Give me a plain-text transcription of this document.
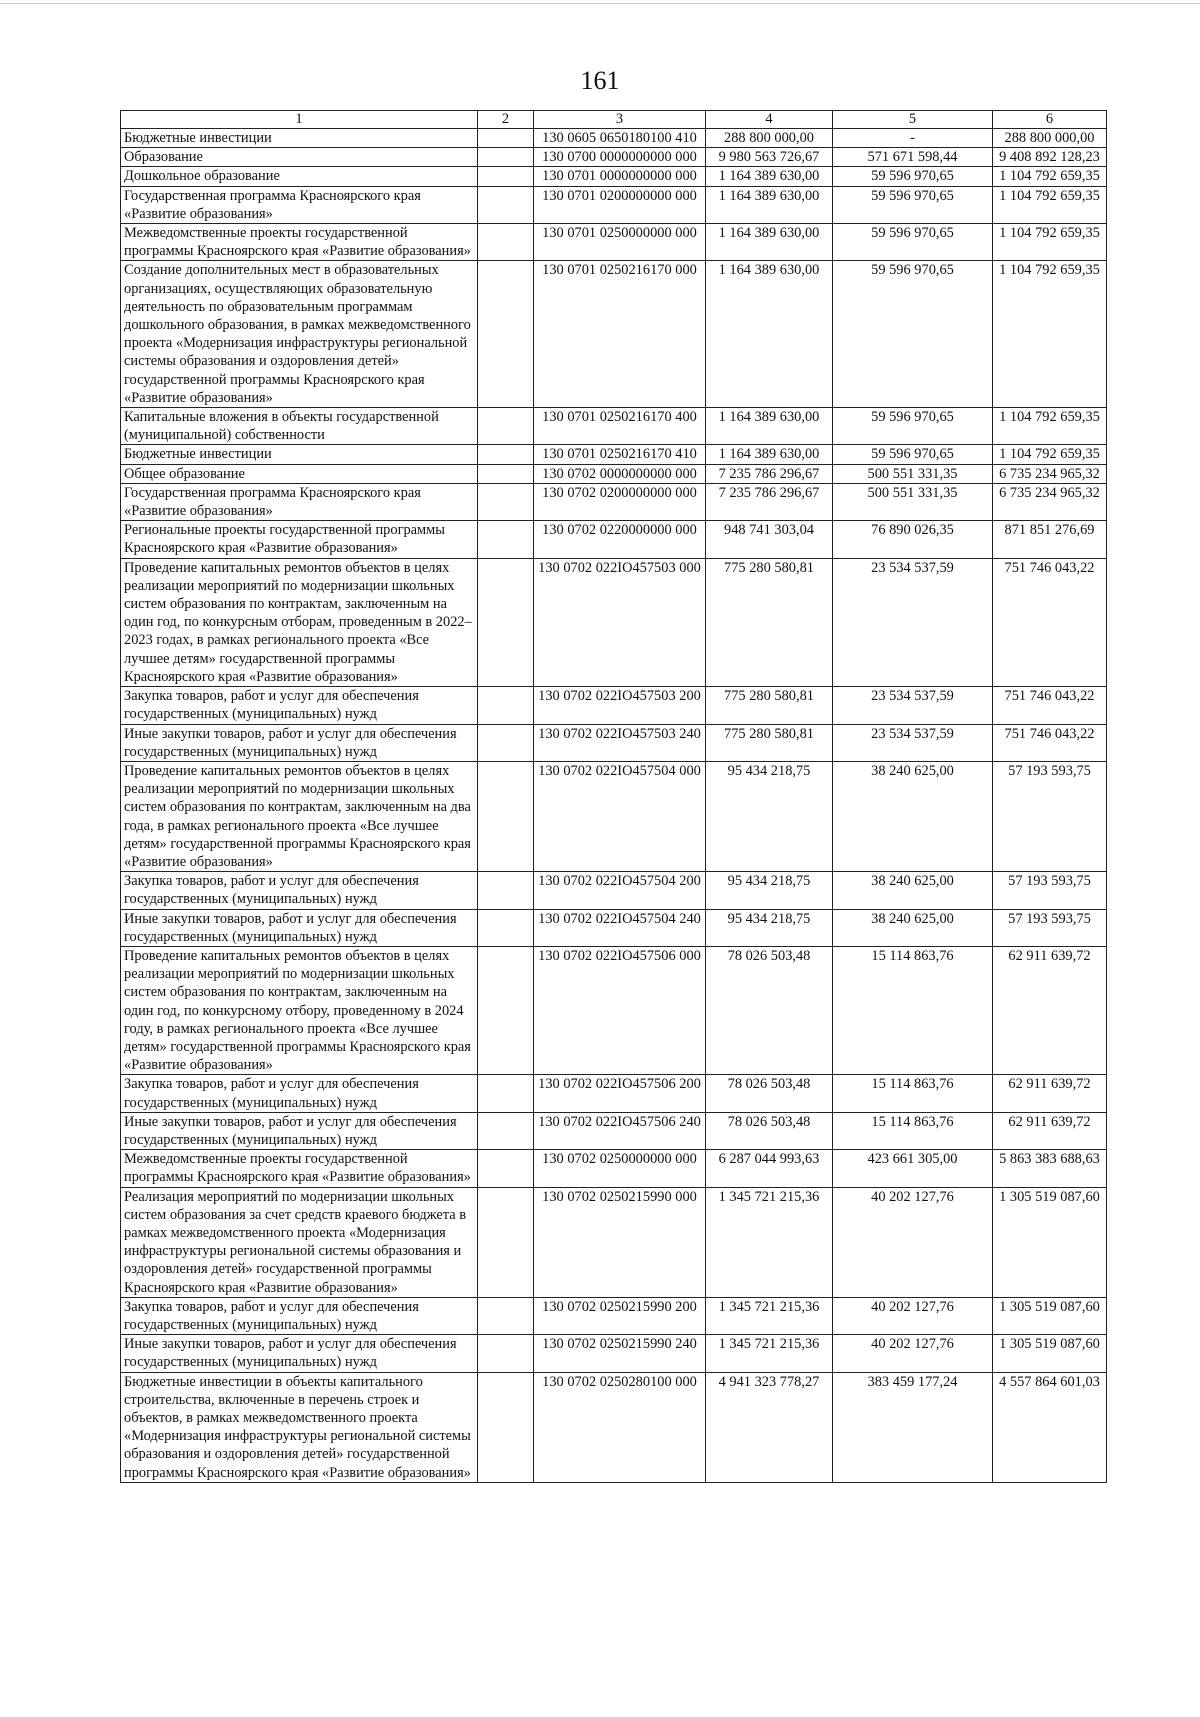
161
1	2	3	4	5	6
Бюджетные инвестиции		130 0605 0650180100 410	288 800 000,00	-	288 800 000,00
Образование		130 0700 0000000000 000	9 980 563 726,67	571 671 598,44	9 408 892 128,23
Дошкольное образование		130 0701 0000000000 000	1 164 389 630,00	59 596 970,65	1 104 792 659,35
Государственная программа Красноярского края «Развитие образования»		130 0701 0200000000 000	1 164 389 630,00	59 596 970,65	1 104 792 659,35
Межведомственные проекты государственной программы Красноярского края «Развитие образования»		130 0701 0250000000 000	1 164 389 630,00	59 596 970,65	1 104 792 659,35
Создание дополнительных мест в образовательных организациях, осуществляющих образовательную деятельность по образовательным программам дошкольного образования, в рамках межведомственного проекта «Модернизация инфраструктуры региональной системы образования и оздоровления детей» государственной программы Красноярского края «Развитие образования»		130 0701 0250216170 000	1 164 389 630,00	59 596 970,65	1 104 792 659,35
Капитальные вложения в объекты государственной (муниципальной) собственности		130 0701 0250216170 400	1 164 389 630,00	59 596 970,65	1 104 792 659,35
Бюджетные инвестиции		130 0701 0250216170 410	1 164 389 630,00	59 596 970,65	1 104 792 659,35
Общее образование		130 0702 0000000000 000	7 235 786 296,67	500 551 331,35	6 735 234 965,32
Государственная программа Красноярского края «Развитие образования»		130 0702 0200000000 000	7 235 786 296,67	500 551 331,35	6 735 234 965,32
Региональные проекты государственной программы Красноярского края «Развитие образования»		130 0702 0220000000 000	948 741 303,04	76 890 026,35	871 851 276,69
Проведение капитальных ремонтов объектов в целях реализации мероприятий по модернизации школьных систем образования по контрактам, заключенным на один год, по конкурсным отборам, проведенным в 2022–2023 годах, в рамках регионального проекта «Все лучшее детям» государственной программы Красноярского края «Развитие образования»		130 0702 022IO457503 000	775 280 580,81	23 534 537,59	751 746 043,22
Закупка товаров, работ и услуг для обеспечения государственных (муниципальных) нужд		130 0702 022IO457503 200	775 280 580,81	23 534 537,59	751 746 043,22
Иные закупки товаров, работ и услуг для обеспечения государственных (муниципальных) нужд		130 0702 022IO457503 240	775 280 580,81	23 534 537,59	751 746 043,22
Проведение капитальных ремонтов объектов в целях реализации мероприятий по модернизации школьных систем образования по контрактам, заключенным на два года, в рамках регионального проекта «Все лучшее детям» государственной программы Красноярского края «Развитие образования»		130 0702 022IO457504 000	95 434 218,75	38 240 625,00	57 193 593,75
Закупка товаров, работ и услуг для обеспечения государственных (муниципальных) нужд		130 0702 022IO457504 200	95 434 218,75	38 240 625,00	57 193 593,75
Иные закупки товаров, работ и услуг для обеспечения государственных (муниципальных) нужд		130 0702 022IO457504 240	95 434 218,75	38 240 625,00	57 193 593,75
Проведение капитальных ремонтов объектов в целях реализации мероприятий по модернизации школьных систем образования по контрактам, заключенным на один год, по конкурсному отбору, проведенному в 2024 году, в рамках регионального проекта «Все лучшее детям» государственной программы Красноярского края «Развитие образования»		130 0702 022IO457506 000	78 026 503,48	15 114 863,76	62 911 639,72
Закупка товаров, работ и услуг для обеспечения государственных (муниципальных) нужд		130 0702 022IO457506 200	78 026 503,48	15 114 863,76	62 911 639,72
Иные закупки товаров, работ и услуг для обеспечения государственных (муниципальных) нужд		130 0702 022IO457506 240	78 026 503,48	15 114 863,76	62 911 639,72
Межведомственные проекты государственной программы Красноярского края «Развитие образования»		130 0702 0250000000 000	6 287 044 993,63	423 661 305,00	5 863 383 688,63
Реализация мероприятий по модернизации школьных систем образования за счет средств краевого бюджета в рамках межведомственного проекта «Модернизация инфраструктуры региональной системы образования и оздоровления детей» государственной программы Красноярского края «Развитие образования»		130 0702 0250215990 000	1 345 721 215,36	40 202 127,76	1 305 519 087,60
Закупка товаров, работ и услуг для обеспечения государственных (муниципальных) нужд		130 0702 0250215990 200	1 345 721 215,36	40 202 127,76	1 305 519 087,60
Иные закупки товаров, работ и услуг для обеспечения государственных (муниципальных) нужд		130 0702 0250215990 240	1 345 721 215,36	40 202 127,76	1 305 519 087,60
Бюджетные инвестиции в объекты капитального строительства, включенные в перечень строек и объектов, в рамках межведомственного проекта «Модернизация инфраструктуры региональной системы образования и оздоровления детей» государственной программы Красноярского края «Развитие образования»		130 0702 0250280100 000	4 941 323 778,27	383 459 177,24	4 557 864 601,03
